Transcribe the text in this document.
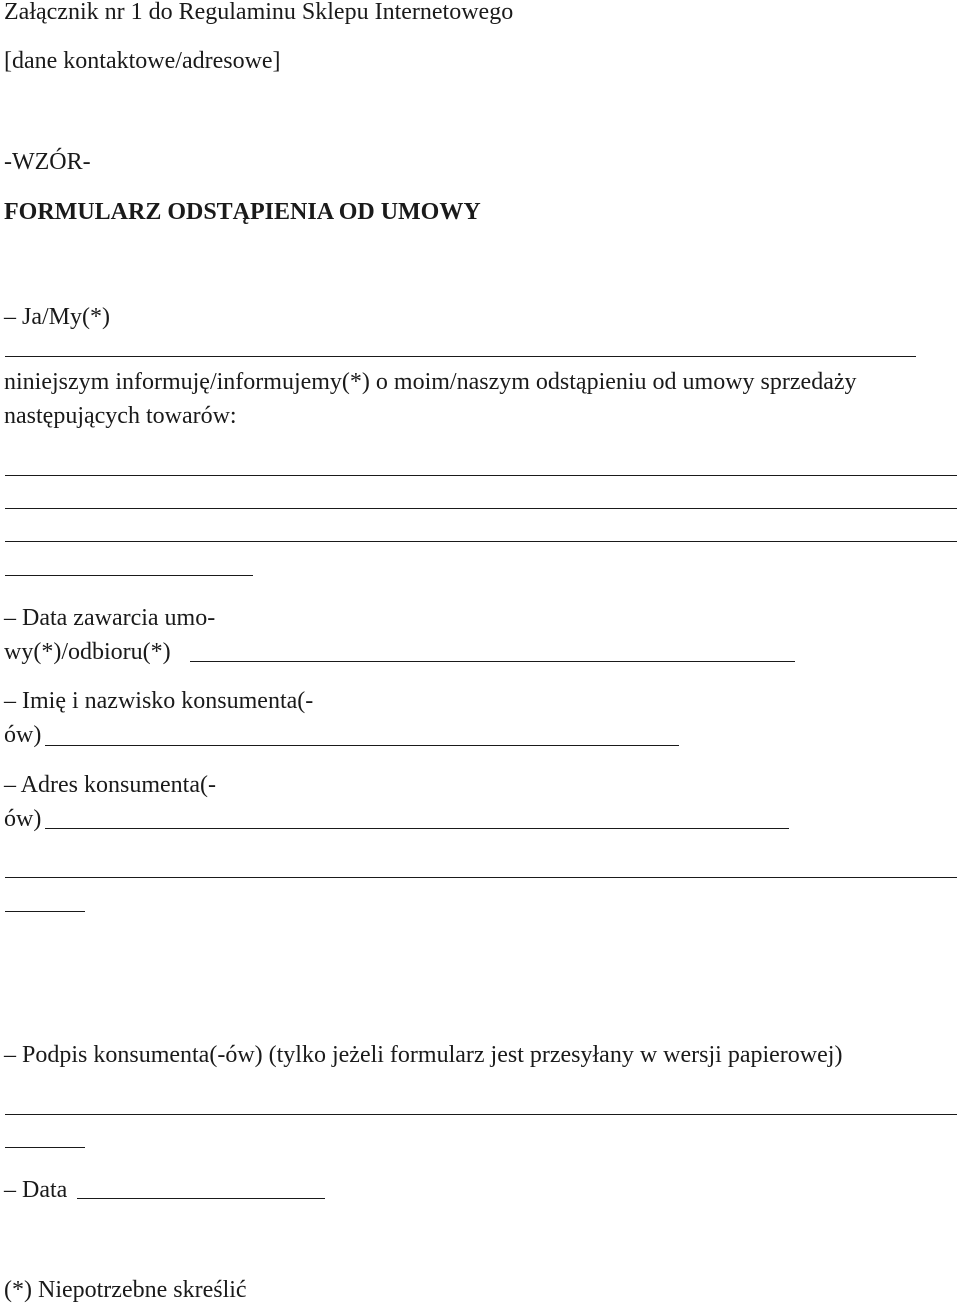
Załącznik nr 1 do Regulaminu Sklepu Internetowego
[dane kontaktowe/adresowe]
-WZÓR-
FORMULARZ ODSTĄPIENIA OD UMOWY
– Ja/My(*)
niniejszym informuję/informujemy(*) o moim/naszym odstąpieniu od umowy sprzedaży
następujących towarów:
– Data zawarcia umo-
wy(*)/odbioru(*)
– Imię i nazwisko konsumenta(-
ów)
– Adres konsumenta(-
ów)
– Podpis konsumenta(-ów) (tylko jeżeli formularz jest przesyłany w wersji papierowej)
– Data
(*) Niepotrzebne skreślić
